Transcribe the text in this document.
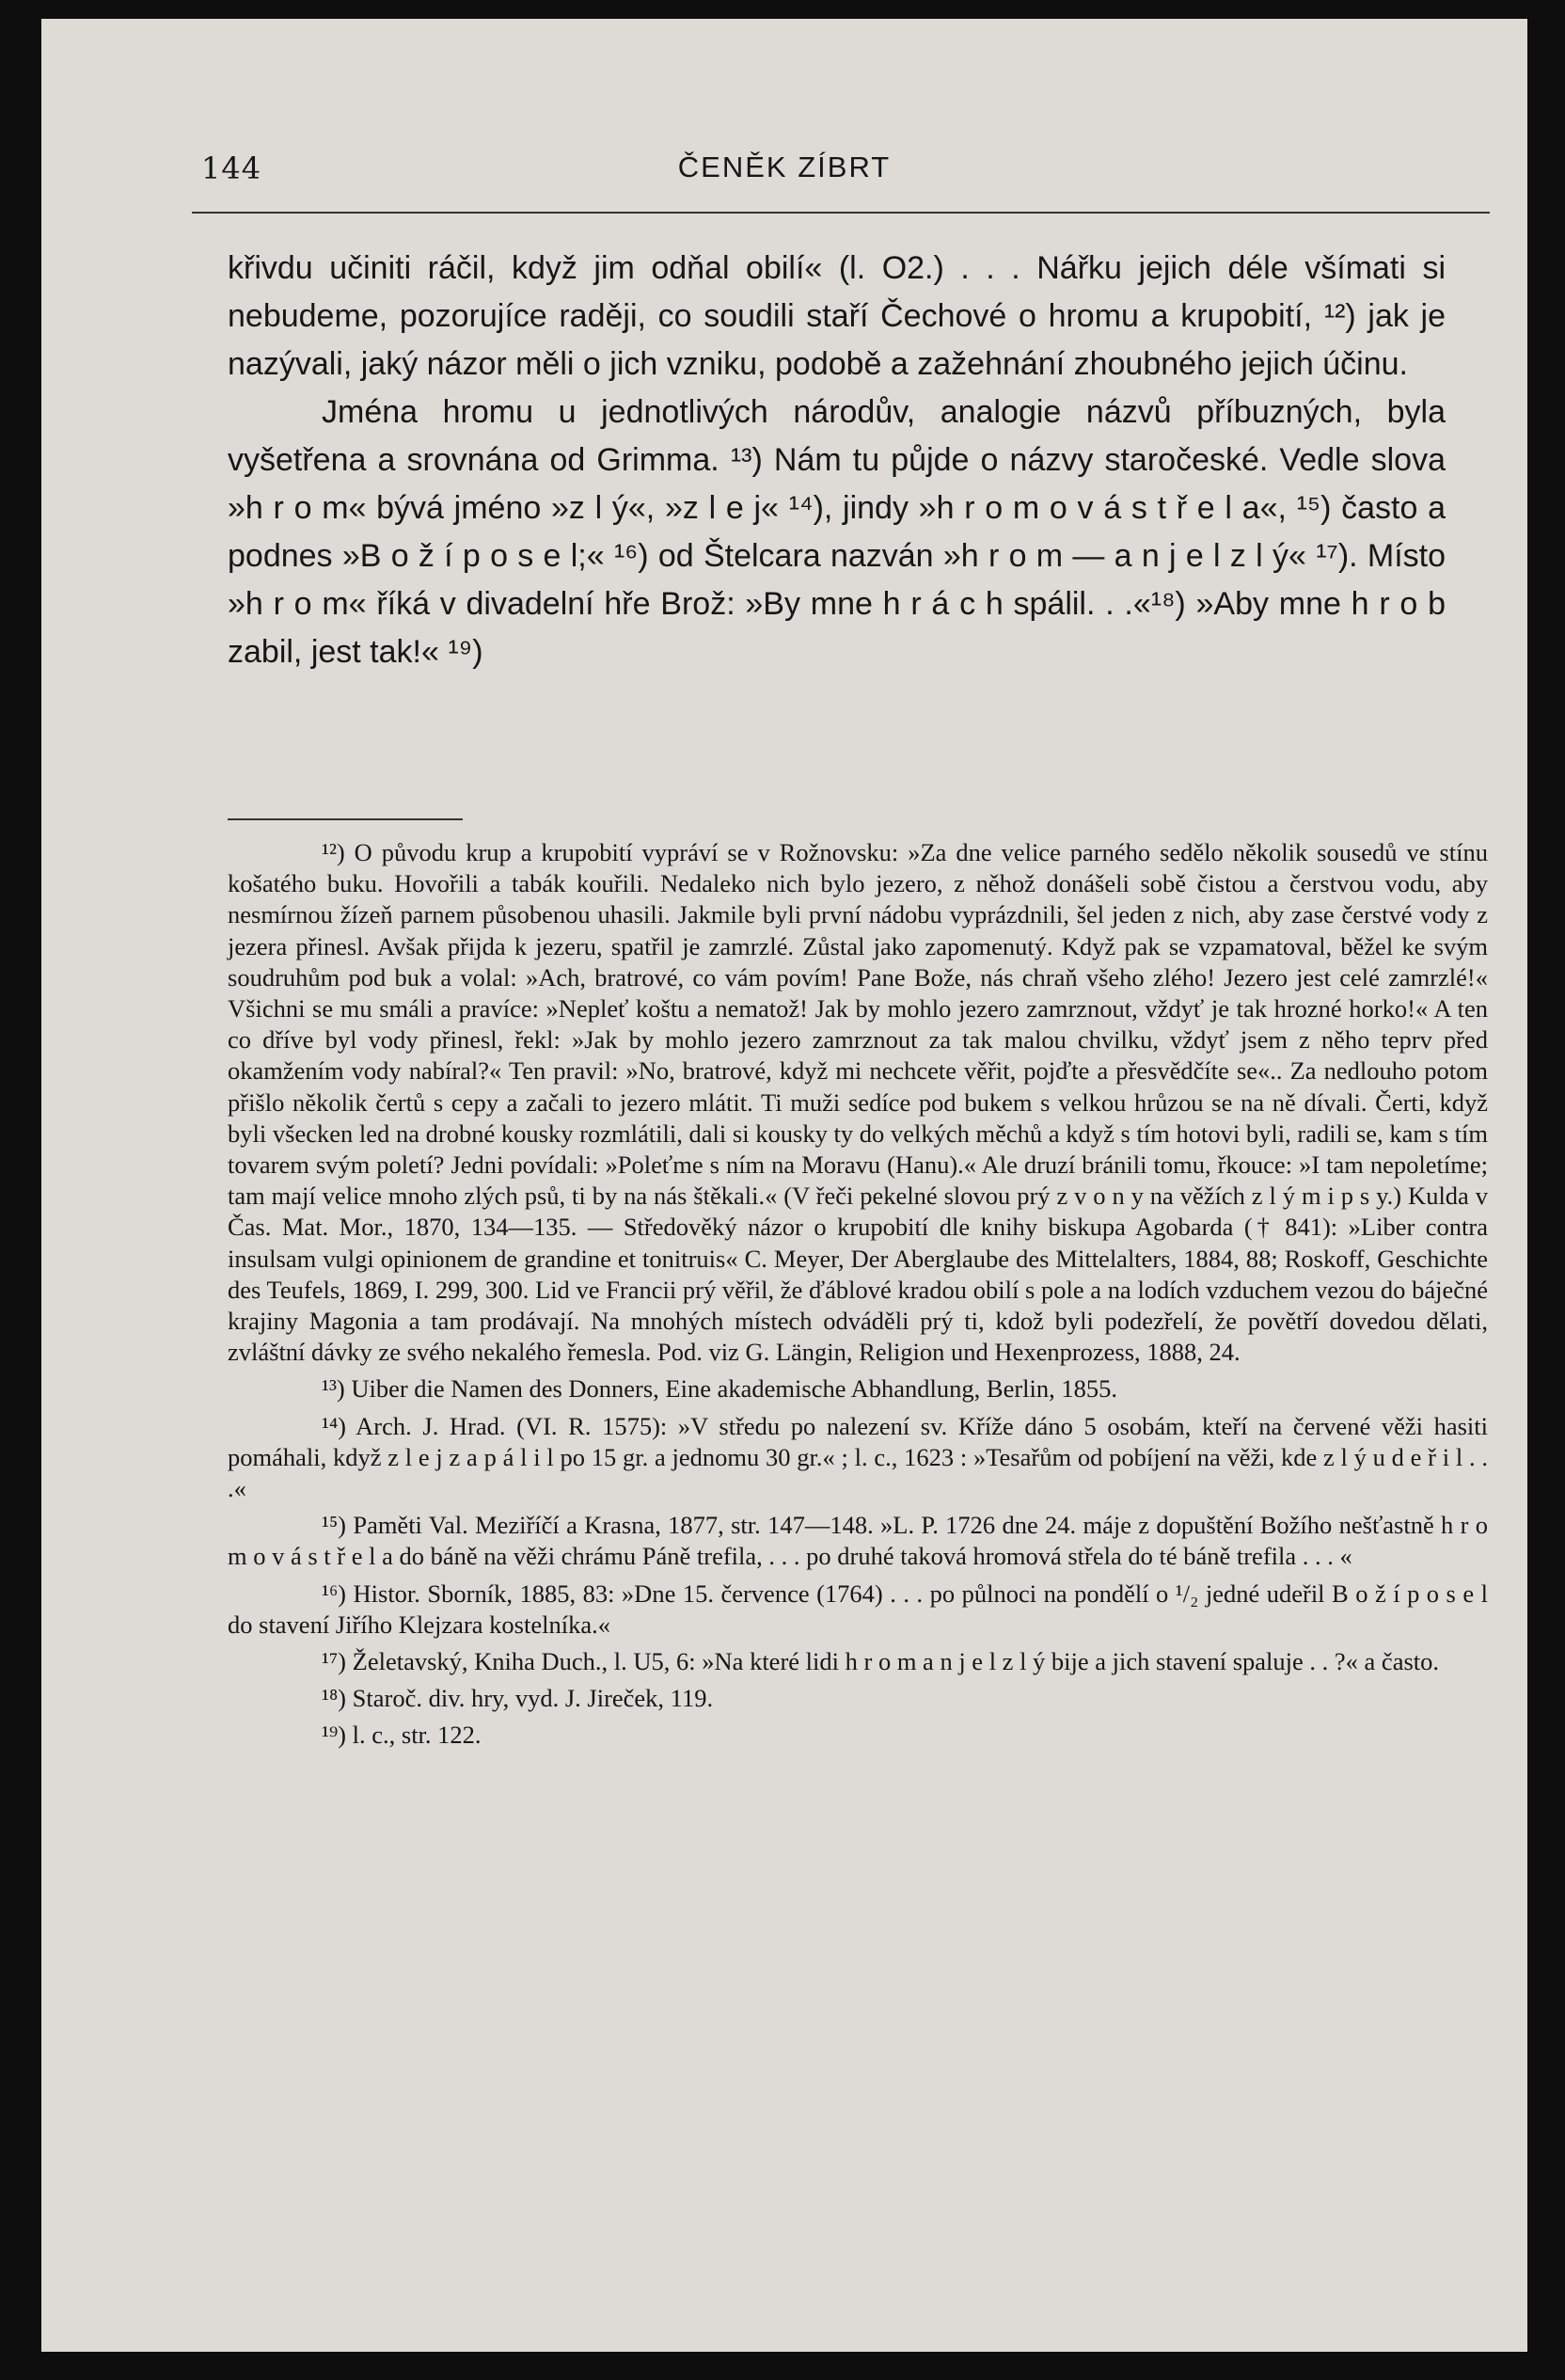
144	ČENĚK ZÍBRT

křivdu učiniti ráčil, když jim odňal obilí« (l. O2.) . . . Nářku jejich déle všímati si nebudeme, pozorujíce raději, co soudili staří Čechové o hromu a krupobití, ¹²) jak je nazývali, jaký názor měli o jich vzniku, podobě a zažehnání zhoubného jejich účinu.

Jména hromu u jednotlivých národův, analogie názvů příbuzných, byla vyšetřena a srovnána od Grimma. ¹³) Nám tu půjde o názvy staročeské. Vedle slova »h r o m« bývá jméno »z l ý«, »z l e j« ¹⁴), jindy »h r o m o v á s t ř e l a«, ¹⁵) často a podnes »B o ž í p o s e l;« ¹⁶) od Štelcara nazván »h r o m — a n j e l z l ý« ¹⁷). Místo »h r o m« říká v divadelní hře Brož: »By mne h r á c h spálil. . .«¹⁸) »Aby mne h r o b zabil, jest tak!« ¹⁹)

¹²) O původu krup a krupobití vypráví se v Rožnovsku: »Za dne velice parného sedělo několik sousedů ve stínu košatého buku. Hovořili a tabák kouřili. Nedaleko nich bylo jezero, z něhož donášeli sobě čistou a čerstvou vodu, aby nesmírnou žízeň parnem působenou uhasili. Jakmile byli první nádobu vyprázdnili, šel jeden z nich, aby zase čerstvé vody z jezera přinesl. Avšak přijda k jezeru, spatřil je zamrzlé. Zůstal jako zapomenutý. Když pak se vzpamatoval, běžel ke svým soudruhům pod buk a volal: »Ach, bratrové, co vám povím! Pane Bože, nás chraň všeho zlého! Jezero jest celé zamrzlé!« Všichni se mu smáli a pravíce: »Nepleť koštu a nematož! Jak by mohlo jezero zamrznout, vždyť je tak hrozné horko!« A ten co dříve byl vody přinesl, řekl: »Jak by mohlo jezero zamrznout za tak malou chvilku, vždyť jsem z něho teprv před okamžením vody nabíral?« Ten pravil: »No, bratrové, když mi nechcete věřit, pojďte a přesvědčíte se«.. Za nedlouho potom přišlo několik čertů s cepy a začali to jezero mlátit. Ti muži sedíce pod bukem s velkou hrůzou se na ně dívali. Čerti, když byli všecken led na drobné kousky rozmlátili, dali si kousky ty do velkých měchů a když s tím hotovi byli, radili se, kam s tím tovarem svým poletí? Jedni povídali: »Poleťme s ním na Moravu (Hanu).« Ale druzí bránili tomu, řkouce: »I tam nepoletíme; tam mají velice mnoho zlých psů, ti by na nás štěkali.« (V řeči pekelné slovou prý z v o n y na věžích z l ý m i p s y.) Kulda v Čas. Mat. Mor., 1870, 134—135. — Středověký názor o krupobití dle knihy biskupa Agobarda († 841): »Liber contra insulsam vulgi opinionem de grandine et tonitruis« C. Meyer, Der Aberglaube des Mittelalters, 1884, 88; Roskoff, Geschichte des Teufels, 1869, I. 299, 300. Lid ve Francii prý věřil, že ďáblové kradou obilí s pole a na lodích vzduchem vezou do báječné krajiny Magonia a tam prodávají. Na mnohých místech odváděli prý ti, kdož byli podezřelí, že povětří dovedou dělati, zvláštní dávky ze svého nekalého řemesla. Pod. viz G. Längin, Religion und Hexenprozess, 1888, 24.

¹³) Uiber die Namen des Donners, Eine akademische Abhandlung, Berlin, 1855.

¹⁴) Arch. J. Hrad. (VI. R. 1575): »V středu po nalezení sv. Kříže dáno 5 osobám, kteří na červené věži hasiti pomáhali, když z l e j z a p á l i l po 15 gr. a jednomu 30 gr.« ; l. c., 1623 : »Tesařům od pobíjení na věži, kde z l ý u d e ř i l . . .«

¹⁵) Paměti Val. Meziříčí a Krasna, 1877, str. 147—148. »L. P. 1726 dne 24. máje z dopuštění Božího nešťastně h r o m o v á s t ř e l a do báně na věži chrámu Páně trefila, . . . po druhé taková hromová střela do té báně trefila . . . «

¹⁶) Histor. Sborník, 1885, 83: »Dne 15. července (1764) . . . po půlnoci na pondělí o ¹/₂ jedné udeřil B o ž í p o s e l do stavení Jiřího Klejzara kostelníka.«

¹⁷) Želetavský, Kniha Duch., l. U5, 6: »Na které lidi h r o m a n j e l z l ý bije a jich stavení spaluje . . ?« a často.

¹⁸) Staroč. div. hry, vyd. J. Jireček, 119.

¹⁹) l. c., str. 122.
